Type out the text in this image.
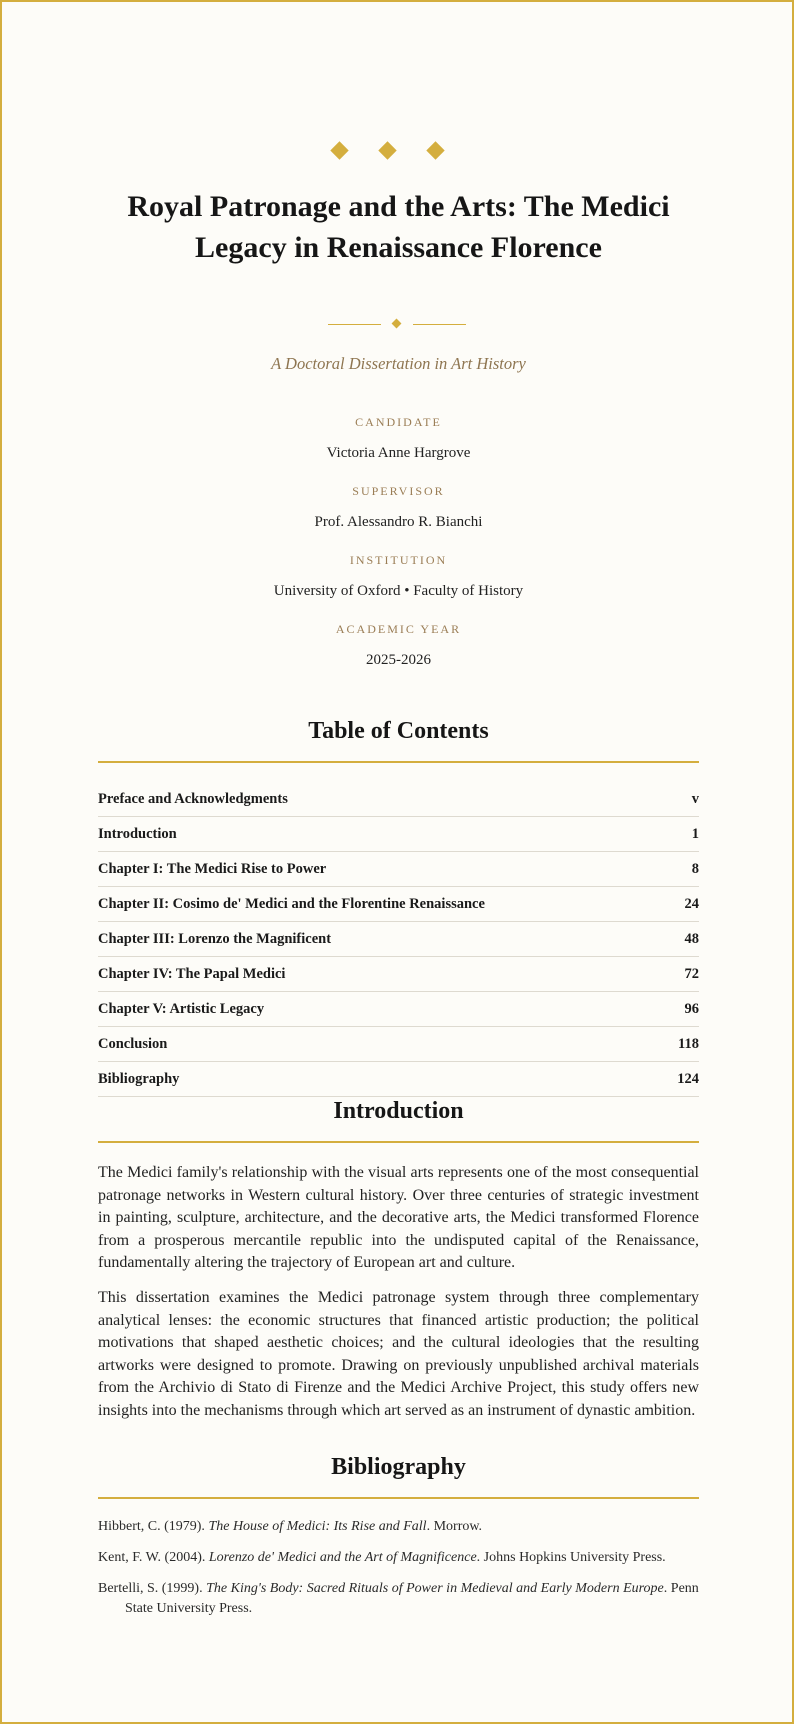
Royal Patronage and the Arts: The Medici Legacy in Renaissance Florence
A Doctoral Dissertation in Art History
CANDIDATE
Victoria Anne Hargrove
SUPERVISOR
Prof. Alessandro R. Bianchi
INSTITUTION
University of Oxford • Faculty of History
ACADEMIC YEAR
2025-2026
Table of Contents
Preface and Acknowledgments	v
Introduction	1
Chapter I: The Medici Rise to Power	8
Chapter II: Cosimo de' Medici and the Florentine Renaissance	24
Chapter III: Lorenzo the Magnificent	48
Chapter IV: The Papal Medici	72
Chapter V: Artistic Legacy	96
Conclusion	118
Bibliography	124
Introduction

The Medici family's relationship with the visual arts represents one of the most consequential patronage networks in Western cultural history. Over three centuries of strategic investment in painting, sculpture, architecture, and the decorative arts, the Medici transformed Florence from a prosperous mercantile republic into the undisputed capital of the Renaissance, fundamentally altering the trajectory of European art and culture.

This dissertation examines the Medici patronage system through three complementary analytical lenses: the economic structures that financed artistic production; the political motivations that shaped aesthetic choices; and the cultural ideologies that the resulting artworks were designed to promote. Drawing on previously unpublished archival materials from the Archivio di Stato di Firenze and the Medici Archive Project, this study offers new insights into the mechanisms through which art served as an instrument of dynastic ambition.

Bibliography

Hibbert, C. (1979). The House of Medici: Its Rise and Fall. Morrow.

Kent, F. W. (2004). Lorenzo de' Medici and the Art of Magnificence. Johns Hopkins University Press.

Bertelli, S. (1999). The King's Body: Sacred Rituals of Power in Medieval and Early Modern Europe. Penn State University Press.
